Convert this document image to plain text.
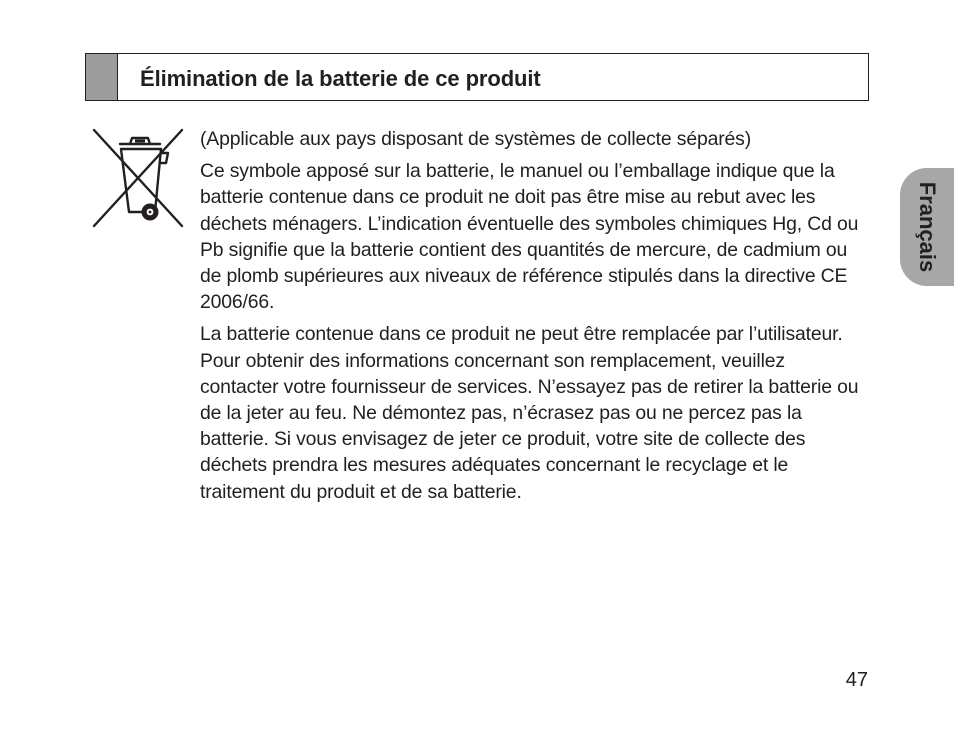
Élimination de la batterie de ce produit

(Applicable aux pays disposant de systèmes de collecte séparés)

Ce symbole apposé sur la batterie, le manuel ou l’emballage indique que la batterie contenue dans ce produit ne doit pas être mise au rebut avec les déchets ménagers. L’indication éventuelle des symboles chimiques Hg, Cd ou Pb signifie que la batterie contient des quantités de mercure, de cadmium ou de plomb supérieures aux niveaux de référence stipulés dans la directive CE 2006/66.

La batterie contenue dans ce produit ne peut être remplacée par l’utilisateur. Pour obtenir des informations concernant son remplacement, veuillez contacter votre fournisseur de services. N’essayez pas de retirer la batterie ou de la jeter au feu. Ne démontez pas, n’écrasez pas ou ne percez pas la batterie. Si vous envisagez de jeter ce produit, votre site de collecte des déchets prendra les mesures adéquates concernant le recyclage et le traitement du produit et de sa batterie.

Français
47
